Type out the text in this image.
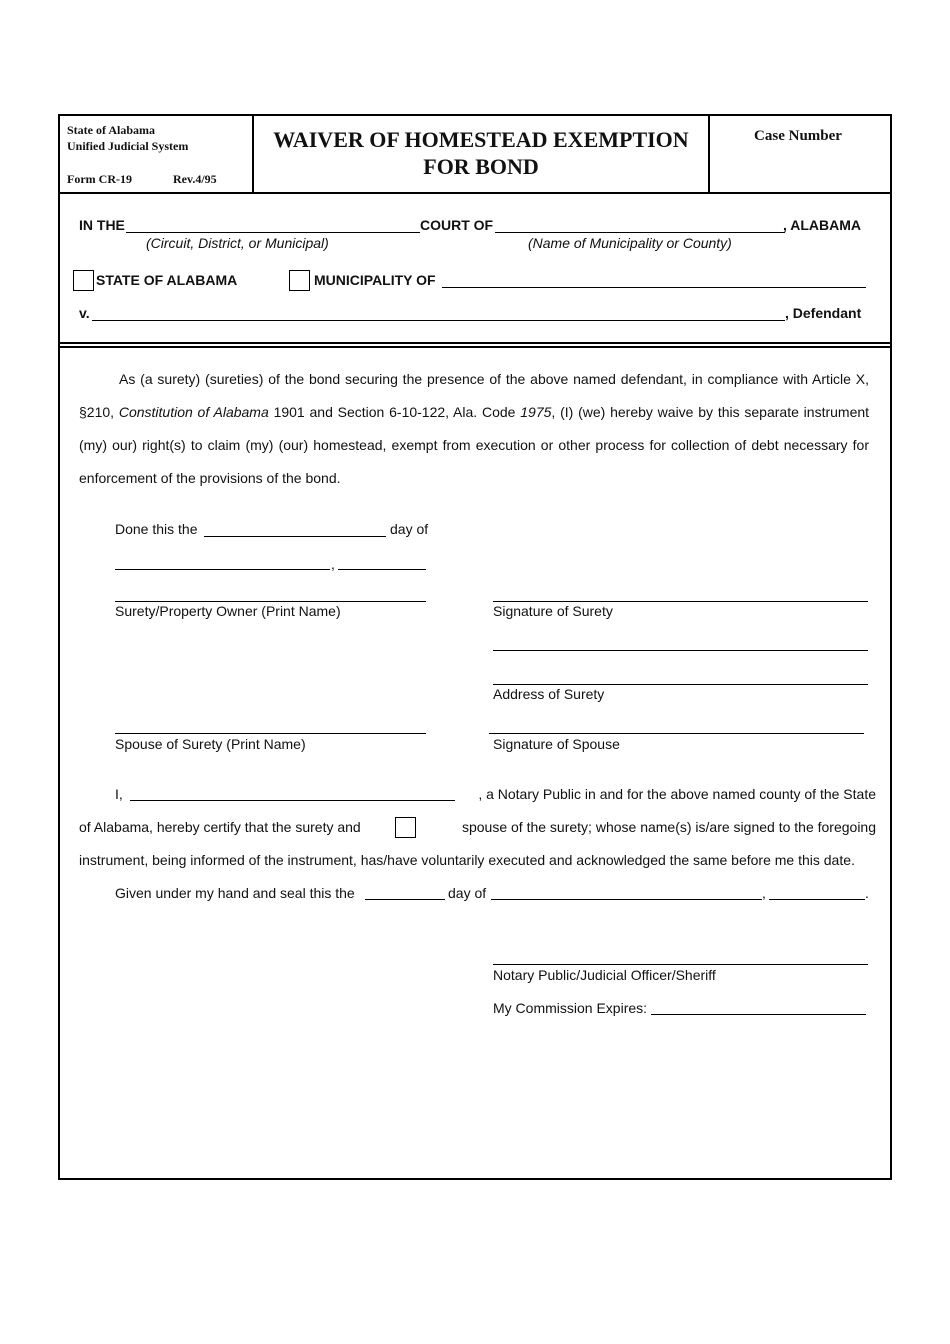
State of Alabama
Unified Judicial System
Form CR-19	Rev.4/95
WAIVER OF HOMESTEAD EXEMPTION
FOR BOND
Case Number
IN THE	COURT OF	, ALABAMA
(Circuit, District, or Municipal)	(Name of Municipality or County)
STATE OF ALABAMA	MUNICIPALITY OF
v.	, Defendant
As (a surety) (sureties) of the bond securing the presence of the above named defendant, in compliance with Article X, §210, Constitution of Alabama 1901 and Section 6-10-122, Ala. Code 1975, (I) (we) hereby waive by this separate instrument (my) our) right(s) to claim (my) (our) homestead, exempt from execution or other process for collection of debt necessary for enforcement of the provisions of the bond.
Done this the	day of
,
Surety/Property Owner (Print Name)	Signature of Surety
Address of Surety
Spouse of Surety (Print Name)	Signature of Spouse
I,	, a Notary Public in and for the above named county of the State
of Alabama, hereby certify that the surety and	spouse of the surety; whose name(s) is/are signed to the foregoing
instrument, being informed of the instrument, has/have voluntarily executed and acknowledged the same before me this date.
Given under my hand and seal this the	day of	,	.
Notary Public/Judicial Officer/Sheriff
My Commission Expires:
